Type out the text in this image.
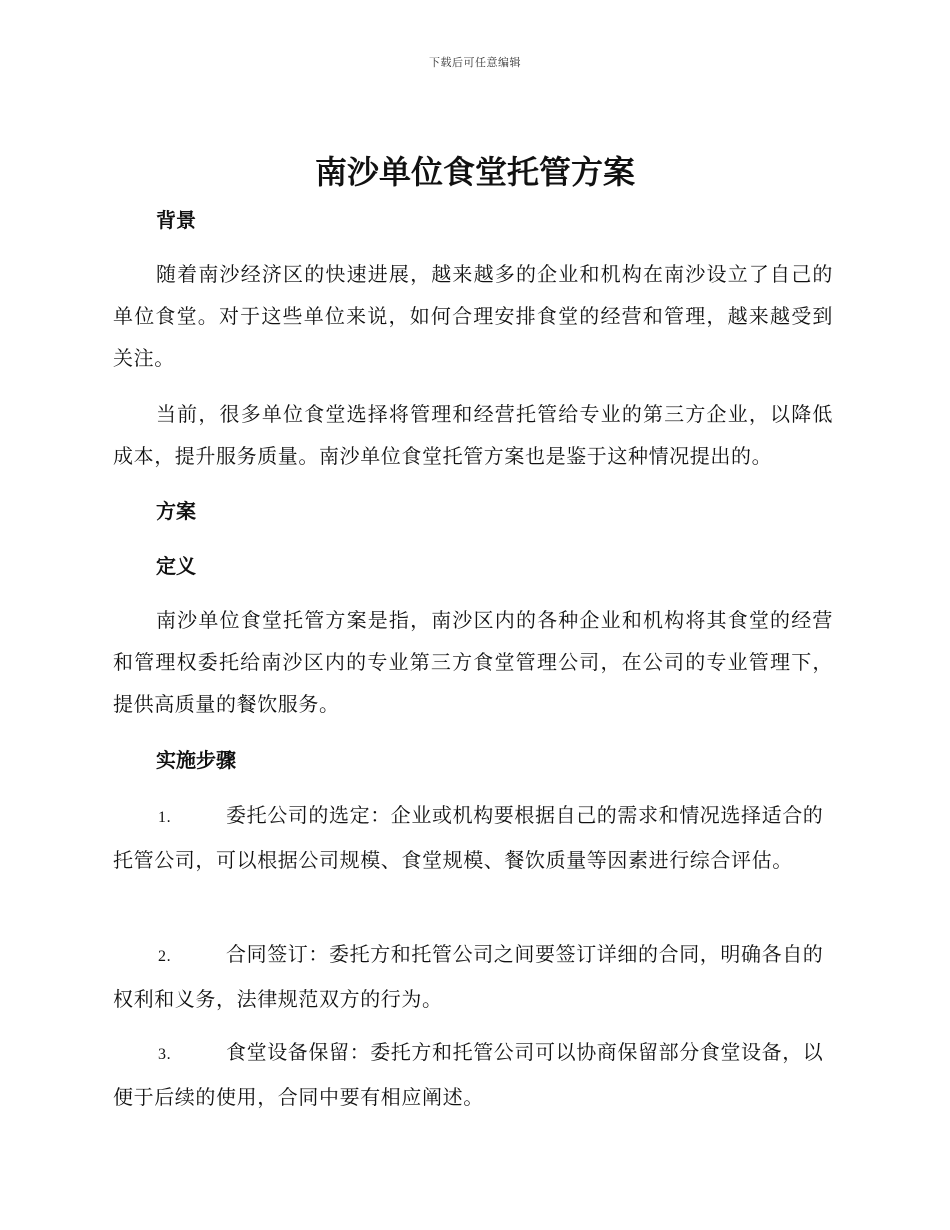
下载后可任意编辑
南沙单位食堂托管方案
背景

随着南沙经济区的快速进展，越来越多的企业和机构在南沙设立了自己的单位食堂。对于这些单位来说，如何合理安排食堂的经营和管理，越来越受到关注。

当前，很多单位食堂选择将管理和经营托管给专业的第三方企业，以降低成本，提升服务质量。南沙单位食堂托管方案也是鉴于这种情况提出的。

方案
定义

南沙单位食堂托管方案是指，南沙区内的各种企业和机构将其食堂的经营和管理权委托给南沙区内的专业第三方食堂管理公司，在公司的专业管理下，提供高质量的餐饮服务。

实施步骤

1.	委托公司的选定：企业或机构要根据自己的需求和情况选择适合的托管公司，可以根据公司规模、食堂规模、餐饮质量等因素进行综合评估。

2.	合同签订：委托方和托管公司之间要签订详细的合同，明确各自的权利和义务，法律规范双方的行为。

3.	食堂设备保留：委托方和托管公司可以协商保留部分食堂设备，以便于后续的使用，合同中要有相应阐述。
